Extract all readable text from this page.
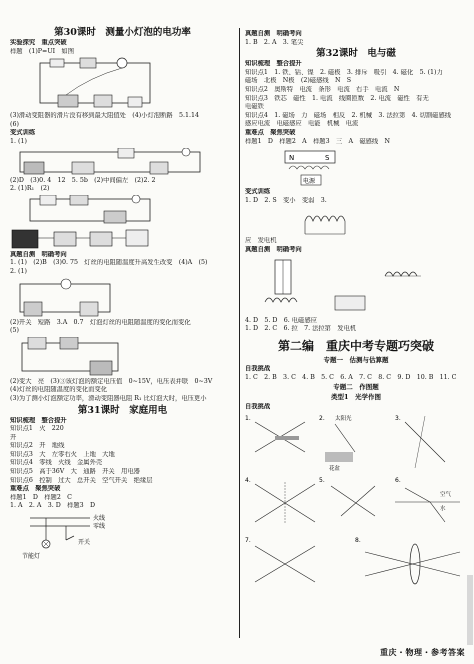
第30课时　测量小灯泡的电功率
实验探究　重点突破
样题　(1)P=UI　如图
(3)滑动变阻器的滑片没有移到最大阻值处　(4)小灯泡断路　5.1.14
(6)
变式训练
1. (1)
(2)D　(3)0. 4　12　5. 5b　(2)中间偏左　(2)2. 2
2. (1)R₁　(2)
真题自测　明确考向
1. (1)　(2)B　(3)0. 75　灯丝的电阻随温度升高发生改变　(4)A　(5)
2. (1)
(2)开关　短路　3.A　0.7　灯泡灯丝的电阻随温度的变化而变化
(5)
(2)变大　亮　(3)③该灯泡的额定电压值　0~15V，电压表并联　0~3V
(4)灯丝的电阻随温度的变化而变化
(3)为了测小灯泡额定功率，滑动变阻器电阻 R₁ 比灯泡大时，电压更小
第31课时　家庭用电
知识梳理　整合提升
知识点1　火　220
开
知识点2　开　地线
知识点3　大　左零右火　上地　大地
知识点4　零线　火线　金属外壳
知识点5　高于36V　大　通路　开关　用电器
知识点6　控制　过大　总开关　空气开关　绝缘层　
重难点　聚焦突破
样题1　D　样题2　C
1. A　2. A　3. D　样题3　D
火线
零线
节能灯
开关
真题自测　明确考向
1. B　2. A　3. 笔尖
第32课时　电与磁
知识梳理　整合提升
知识点1　1. 铁、钴、镍　2. 磁极　3. 排斥　吸引　4. 磁化　5. (1)力
磁场　北极　N极　(2)磁感线　N　S
知识点2　奥斯特　电流　条形　电流　右手　电流　N
知识点3　铁芯　磁性　1. 电流　线圈匝数　2. 电流　磁性　有无
电磁铁
知识点4　1. 磁场　力　磁场　相反　2. 机械　3. 法拉第　4. 切割磁感线
感应电流　电磁感应　电能　机械　电流
重难点　聚焦突破
样题1　D　样题2　A　样题3　三　A　磁感线　N
N	S
电源
变式训练
1. D　2. S　变小　变弱　3.
应　发电机
真题自测　明确考向
4. D　5. D　6. 电磁感应
1. D　2. C　6. 拉　7. 法拉第　发电机
第二编　重庆中考专题巧突破
专题一　估测与估算题
自我挑战
1. C　2. B　3. C　4. B　5. C　6. A　7. C　8. C　9. D　10. B　11. C
专题二　作图题
类型1　光学作图
自我挑战
1.	2. 太阳光
花盆
3.
4.	5.	6.
空气
水
7.	8.
重庆・物理・参考答案
